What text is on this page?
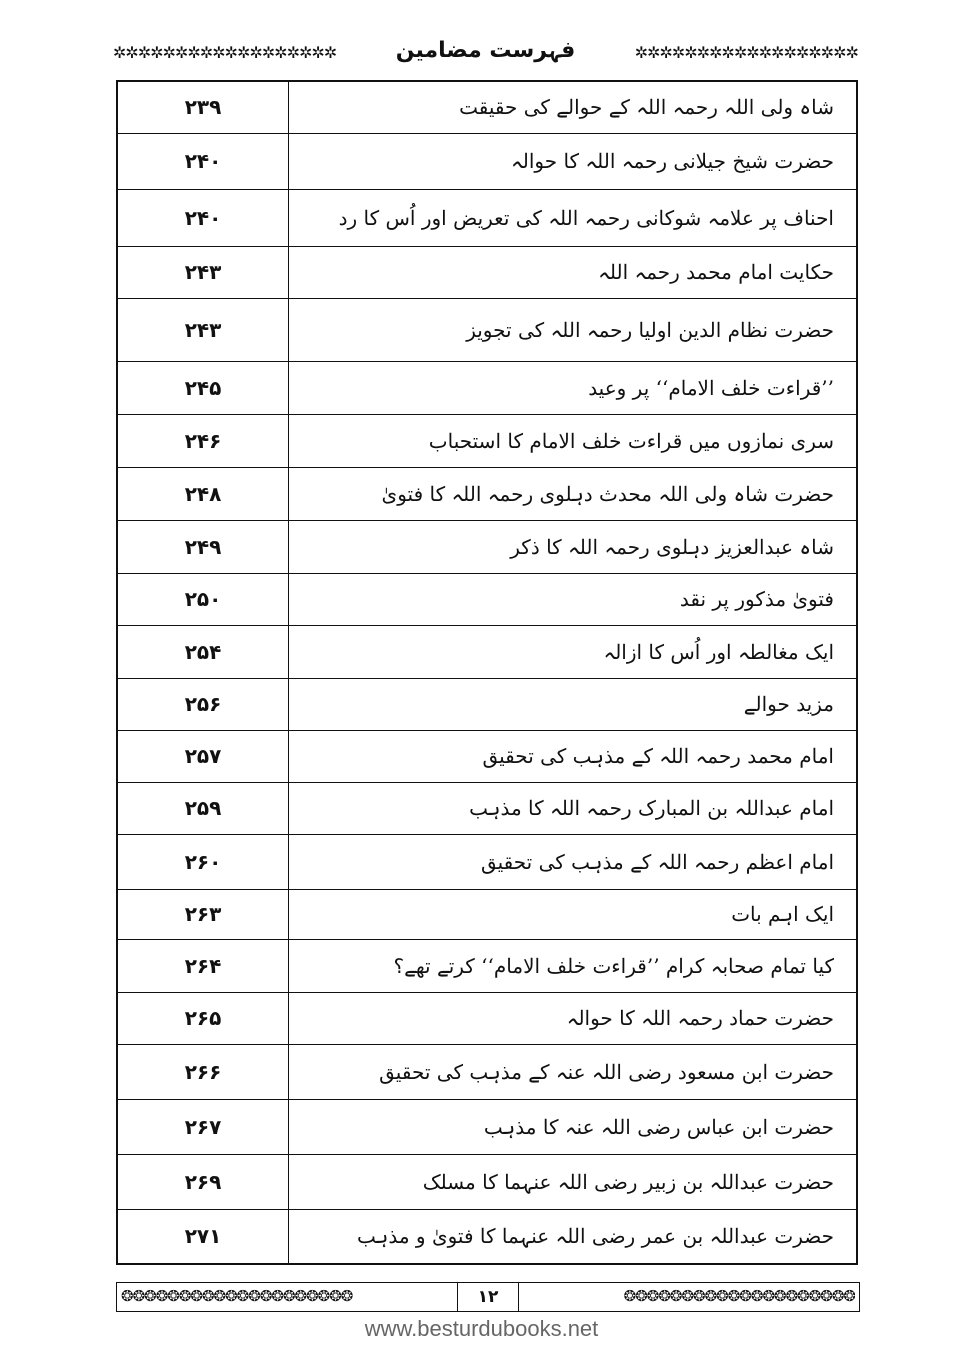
✲✲✲✲✲✲✲✲✲✲✲✲✲✲✲✲✲✲	فہرست مضامین	✲✲✲✲✲✲✲✲✲✲✲✲✲✲✲✲✲✲
۲۳۹	شاہ ولی اللہ رحمہ اللہ کے حوالے کی حقیقت
۲۴۰	حضرت شیخ جیلانی رحمہ اللہ کا حوالہ
۲۴۰	احناف پر علامہ شوکانی رحمہ اللہ کی تعریض اور اُس کا رد
۲۴۳	حکایت امام محمد رحمہ اللہ
۲۴۳	حضرت نظام الدین اولیا رحمہ اللہ کی تجویز
۲۴۵	’’قراءت خلف الامام‘‘ پر وعید
۲۴۶	سری نمازوں میں قراءت خلف الامام کا استحباب
۲۴۸	حضرت شاہ ولی اللہ محدث دہلوی رحمہ اللہ کا فتویٰ
۲۴۹	شاہ عبدالعزیز دہلوی رحمہ اللہ کا ذکر
۲۵۰	فتویٰ مذکور پر نقد
۲۵۴	ایک مغالطہ اور اُس کا ازالہ
۲۵۶	مزید حوالے
۲۵۷	امام محمد رحمہ اللہ کے مذہب کی تحقیق
۲۵۹	امام عبداللہ بن المبارک رحمہ اللہ کا مذہب
۲۶۰	امام اعظم رحمہ اللہ کے مذہب کی تحقیق
۲۶۳	ایک اہم بات
۲۶۴	کیا تمام صحابہ کرام ’’قراءت خلف الامام‘‘ کرتے تھے؟
۲۶۵	حضرت حماد رحمہ اللہ کا حوالہ
۲۶۶	حضرت ابن مسعود رضی اللہ عنہ کے مذہب کی تحقیق
۲۶۷	حضرت ابن عباس رضی اللہ عنہ کا مذہب
۲۶۹	حضرت عبداللہ بن زبیر رضی اللہ عنہما کا مسلک
۲۷۱	حضرت عبداللہ بن عمر رضی اللہ عنہما کا فتویٰ و مذہب
❂❂❂❂❂❂❂❂❂❂❂❂❂❂❂❂❂❂❂❂	۱۲	❂❂❂❂❂❂❂❂❂❂❂❂❂❂❂❂❂❂❂❂
www.besturdubooks.net
